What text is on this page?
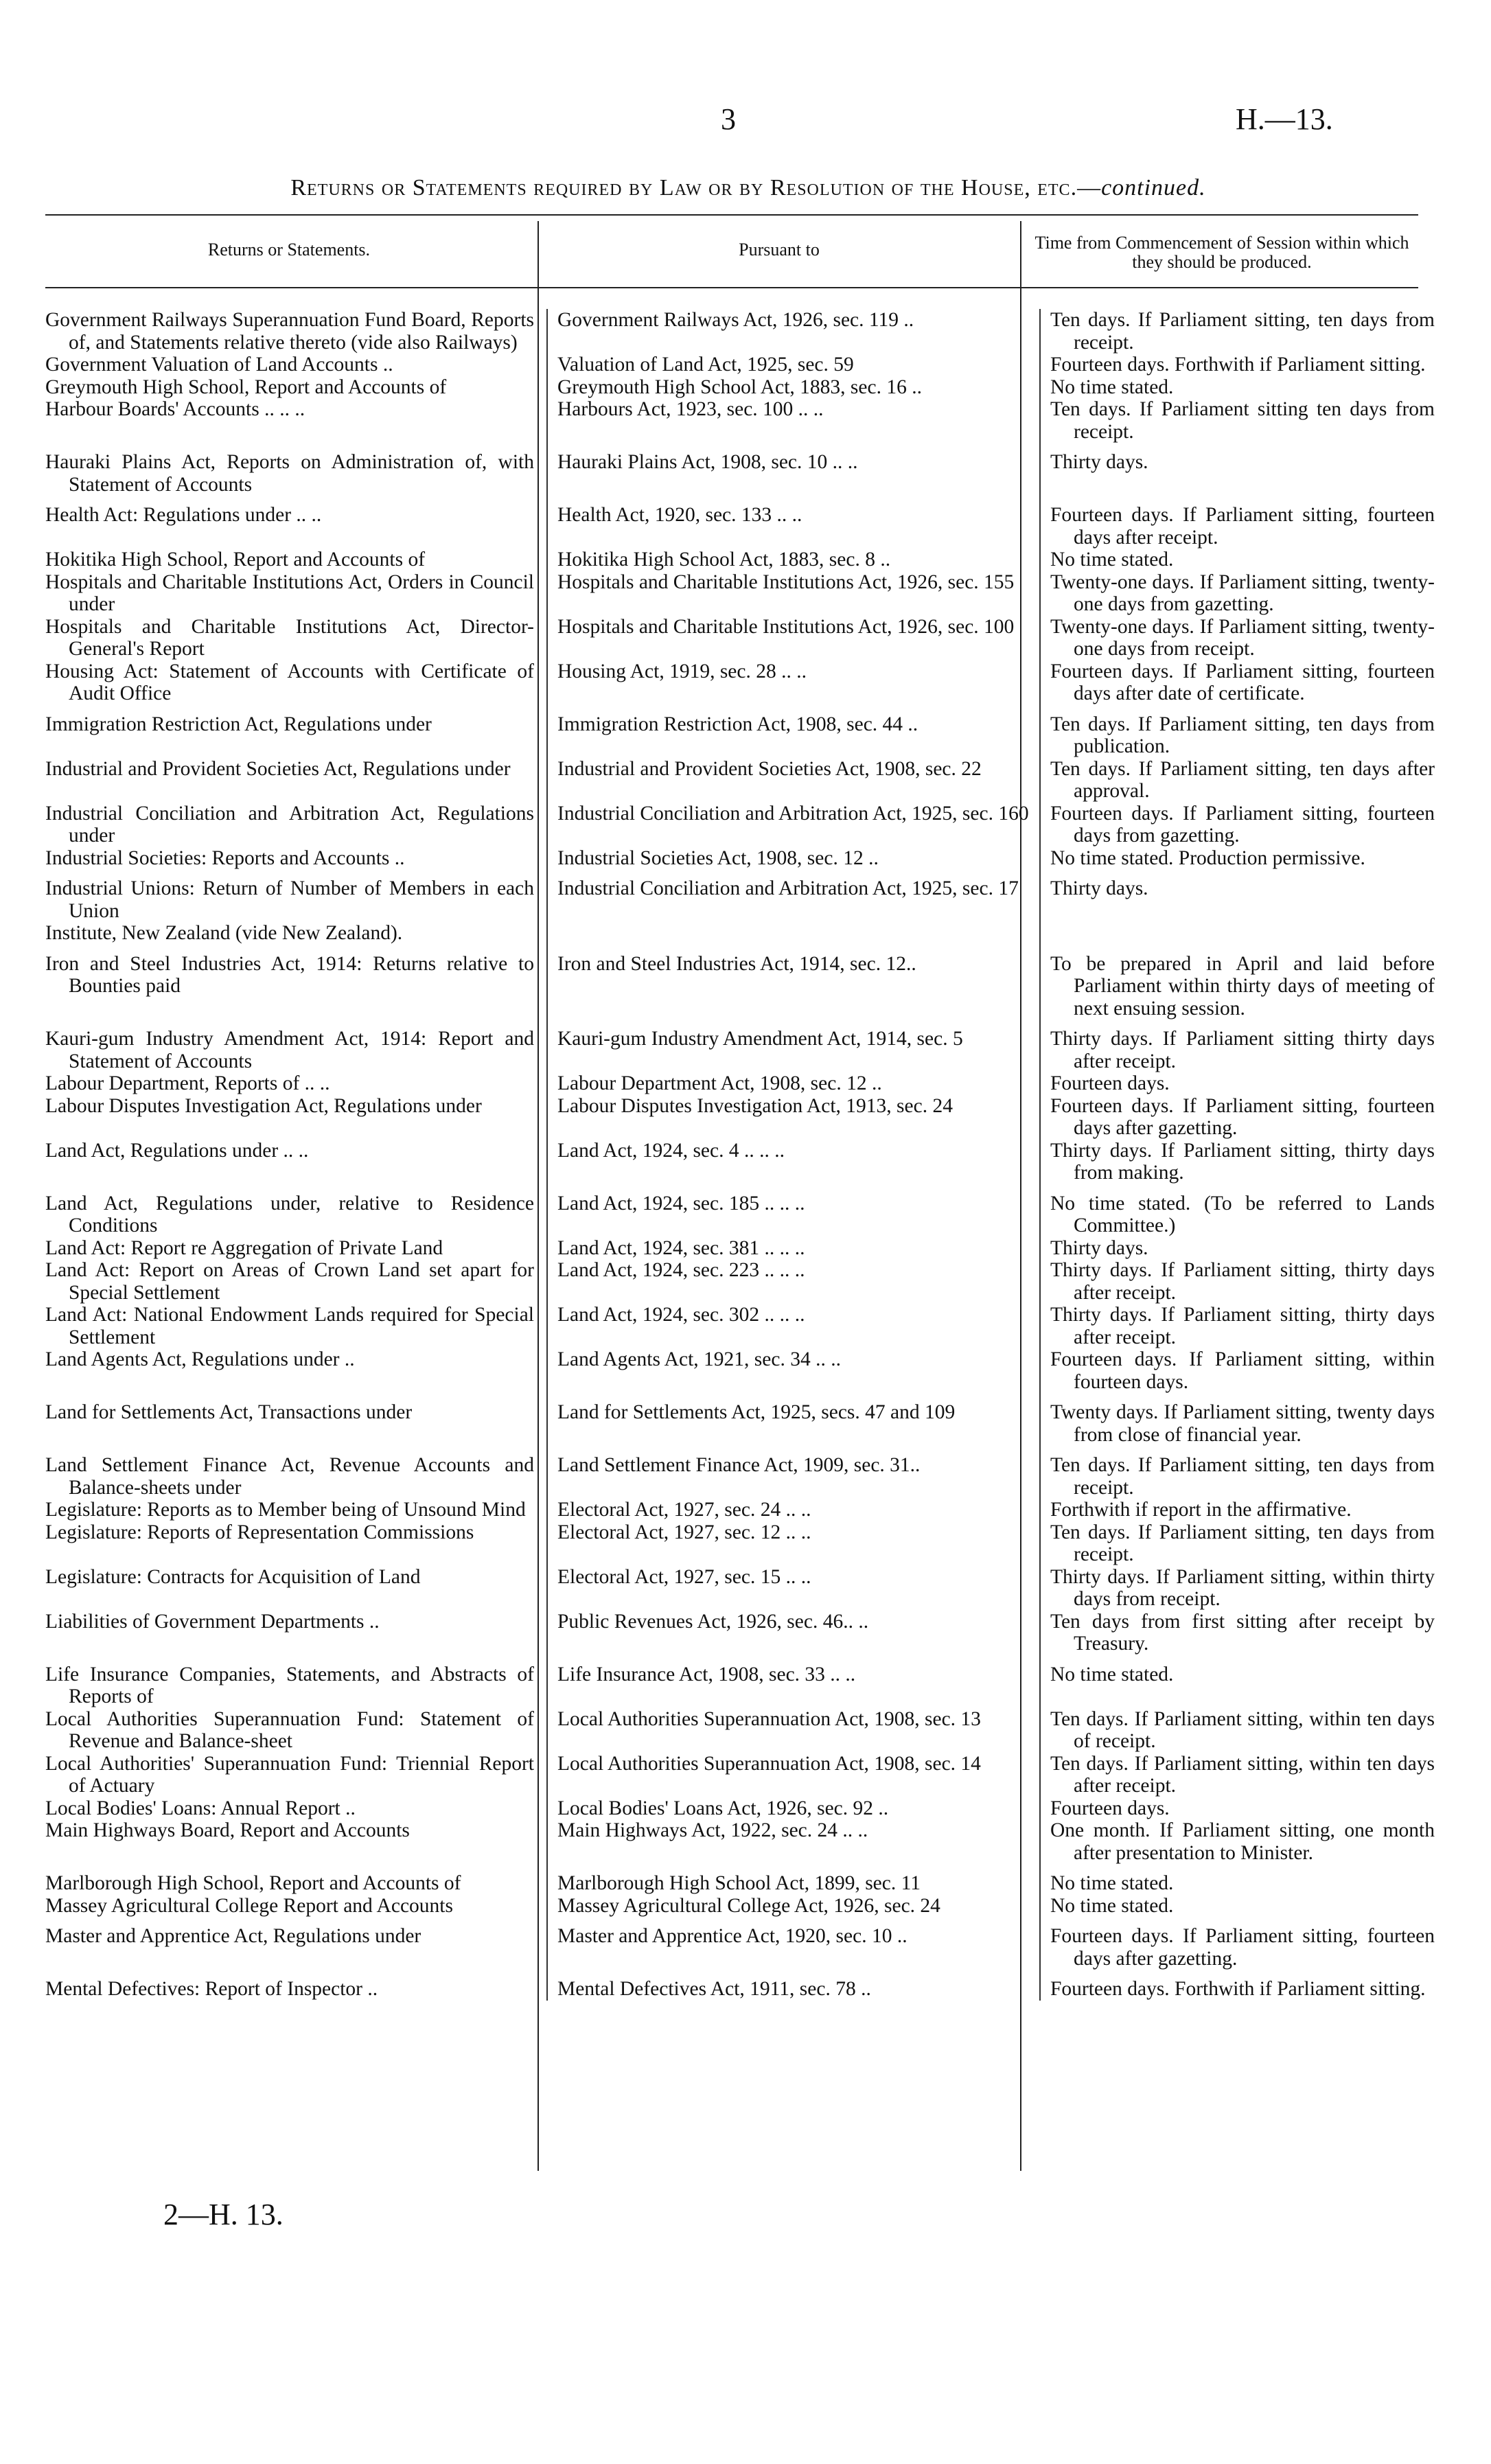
3	H.—13.
Returns or Statements required by Law or by Resolution of the House, etc.—continued.
Returns or Statements.	Pursuant to	Time from Commencement of Session within which they should be produced.
Government Railways Superannuation Fund Board, Reports of, and Statements relative thereto (vide also Railways)	Government Railways Act, 1926, sec. 119 ..	Ten days. If Parliament sitting, ten days from receipt.

Government Valuation of Land Accounts ..	Valuation of Land Act, 1925, sec. 59	Fourteen days. Forthwith if Parliament sitting.

Greymouth High School, Report and Accounts of	Greymouth High School Act, 1883, sec. 16 ..	No time stated.

Harbour Boards' Accounts .. .. ..	Harbours Act, 1923, sec. 100 .. ..	Ten days. If Parliament sitting ten days from receipt.

Hauraki Plains Act, Reports on Administration of, with Statement of Accounts	Hauraki Plains Act, 1908, sec. 10 .. ..	Thirty days.

Health Act: Regulations under .. ..	Health Act, 1920, sec. 133 .. ..	Fourteen days. If Parliament sitting, fourteen days after receipt.

Hokitika High School, Report and Accounts of	Hokitika High School Act, 1883, sec. 8 ..	No time stated.

Hospitals and Charitable Institutions Act, Orders in Council under	Hospitals and Charitable Institutions Act, 1926, sec. 155	Twenty-one days. If Parliament sitting, twenty-one days from gazetting.

Hospitals and Charitable Institutions Act, Director-General's Report	Hospitals and Charitable Institutions Act, 1926, sec. 100	Twenty-one days. If Parliament sitting, twenty-one days from receipt.

Housing Act: Statement of Accounts with Certificate of Audit Office	Housing Act, 1919, sec. 28 .. ..	Fourteen days. If Parliament sitting, fourteen days after date of certificate.

Immigration Restriction Act, Regulations under	Immigration Restriction Act, 1908, sec. 44 ..	Ten days. If Parliament sitting, ten days from publication.

Industrial and Provident Societies Act, Regulations under	Industrial and Provident Societies Act, 1908, sec. 22	Ten days. If Parliament sitting, ten days after approval.

Industrial Conciliation and Arbitration Act, Regulations under	Industrial Conciliation and Arbitration Act, 1925, sec. 160	Fourteen days. If Parliament sitting, fourteen days from gazetting.

Industrial Societies: Reports and Accounts ..	Industrial Societies Act, 1908, sec. 12 ..	No time stated. Production permissive.

Industrial Unions: Return of Number of Members in each Union	Industrial Conciliation and Arbitration Act, 1925, sec. 17	Thirty days.

Institute, New Zealand (vide New Zealand).		

Iron and Steel Industries Act, 1914: Returns relative to Bounties paid	Iron and Steel Industries Act, 1914, sec. 12..	To be prepared in April and laid before Parliament within thirty days of meeting of next ensuing session.

Kauri-gum Industry Amendment Act, 1914: Report and Statement of Accounts	Kauri-gum Industry Amendment Act, 1914, sec. 5	Thirty days. If Parliament sitting thirty days after receipt.

Labour Department, Reports of .. ..	Labour Department Act, 1908, sec. 12 ..	Fourteen days.

Labour Disputes Investigation Act, Regulations under	Labour Disputes Investigation Act, 1913, sec. 24	Fourteen days. If Parliament sitting, fourteen days after gazetting.

Land Act, Regulations under .. ..	Land Act, 1924, sec. 4 .. .. ..	Thirty days. If Parliament sitting, thirty days from making.

Land Act, Regulations under, relative to Residence Conditions	Land Act, 1924, sec. 185 .. .. ..	No time stated. (To be referred to Lands Committee.)

Land Act: Report re Aggregation of Private Land	Land Act, 1924, sec. 381 .. .. ..	Thirty days.

Land Act: Report on Areas of Crown Land set apart for Special Settlement	Land Act, 1924, sec. 223 .. .. ..	Thirty days. If Parliament sitting, thirty days after receipt.

Land Act: National Endowment Lands required for Special Settlement	Land Act, 1924, sec. 302 .. .. ..	Thirty days. If Parliament sitting, thirty days after receipt.

Land Agents Act, Regulations under ..	Land Agents Act, 1921, sec. 34 .. ..	Fourteen days. If Parliament sitting, within fourteen days.

Land for Settlements Act, Transactions under	Land for Settlements Act, 1925, secs. 47 and 109	Twenty days. If Parliament sitting, twenty days from close of financial year.

Land Settlement Finance Act, Revenue Accounts and Balance-sheets under	Land Settlement Finance Act, 1909, sec. 31..	Ten days. If Parliament sitting, ten days from receipt.

Legislature: Reports as to Member being of Unsound Mind	Electoral Act, 1927, sec. 24 .. ..	Forthwith if report in the affirmative.

Legislature: Reports of Representation Commissions	Electoral Act, 1927, sec. 12 .. ..	Ten days. If Parliament sitting, ten days from receipt.

Legislature: Contracts for Acquisition of Land	Electoral Act, 1927, sec. 15 .. ..	Thirty days. If Parliament sitting, within thirty days from receipt.

Liabilities of Government Departments ..	Public Revenues Act, 1926, sec. 46.. ..	Ten days from first sitting after receipt by Treasury.

Life Insurance Companies, Statements, and Abstracts of Reports of	Life Insurance Act, 1908, sec. 33 .. ..	No time stated.

Local Authorities Superannuation Fund: Statement of Revenue and Balance-sheet	Local Authorities Superannuation Act, 1908, sec. 13	Ten days. If Parliament sitting, within ten days of receipt.

Local Authorities' Superannuation Fund: Triennial Report of Actuary	Local Authorities Superannuation Act, 1908, sec. 14	Ten days. If Parliament sitting, within ten days after receipt.

Local Bodies' Loans: Annual Report ..	Local Bodies' Loans Act, 1926, sec. 92 ..	Fourteen days.

Main Highways Board, Report and Accounts	Main Highways Act, 1922, sec. 24 .. ..	One month. If Parliament sitting, one month after presentation to Minister.

Marlborough High School, Report and Accounts of	Marlborough High School Act, 1899, sec. 11	No time stated.

Massey Agricultural College Report and Accounts	Massey Agricultural College Act, 1926, sec. 24	No time stated.

Master and Apprentice Act, Regulations under	Master and Apprentice Act, 1920, sec. 10 ..	Fourteen days. If Parliament sitting, fourteen days after gazetting.

Mental Defectives: Report of Inspector ..	Mental Defectives Act, 1911, sec. 78 ..	Fourteen days. Forthwith if Parliament sitting.
2—H. 13.
